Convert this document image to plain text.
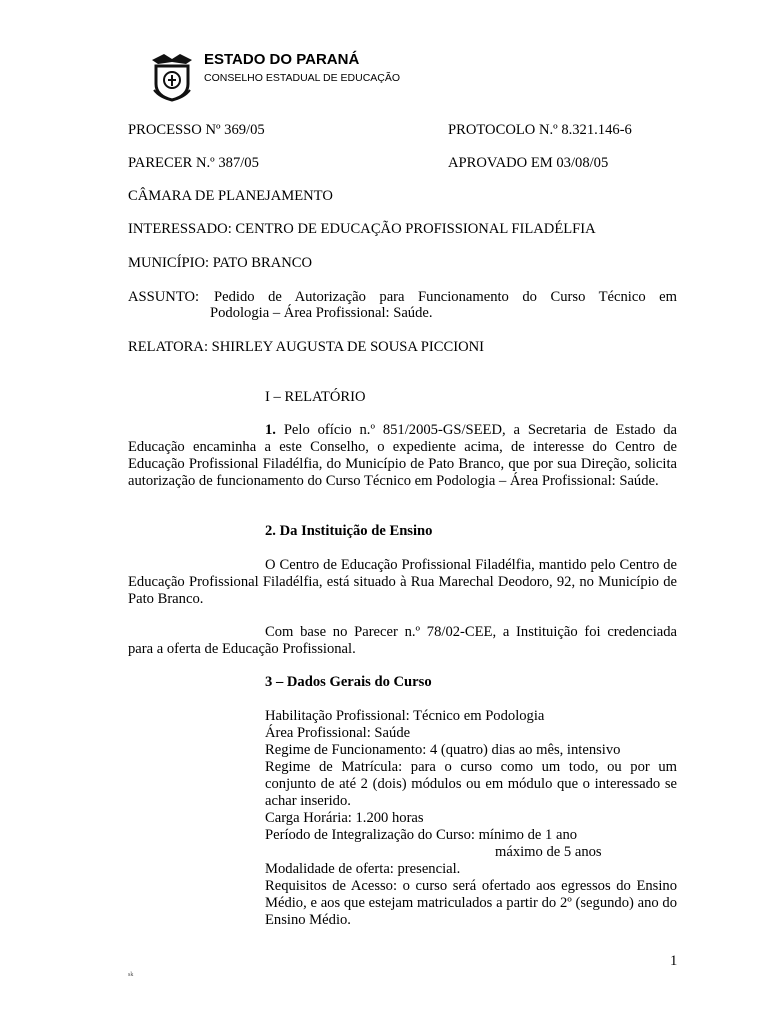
ESTADO DO PARANÁ
CONSELHO ESTADUAL DE EDUCAÇÃO
PROCESSO Nº 369/05	PROTOCOLO N.º 8.321.146-6
PARECER N.º 387/05	APROVADO EM 03/08/05
CÂMARA DE PLANEJAMENTO
INTERESSADO: CENTRO DE EDUCAÇÃO PROFISSIONAL FILADÉLFIA
MUNICÍPIO: PATO BRANCO
ASSUNTO: Pedido de Autorização para Funcionamento do Curso Técnico em
Podologia – Área Profissional: Saúde.
RELATORA: SHIRLEY AUGUSTA DE SOUSA PICCIONI
I – RELATÓRIO
1. Pelo ofício n.º 851/2005-GS/SEED, a Secretaria de Estado da Educação encaminha a este Conselho, o expediente acima, de interesse do Centro de Educação Profissional Filadélfia, do Município de Pato Branco, que por sua Direção, solicita autorização de funcionamento do Curso Técnico em Podologia – Área Profissional: Saúde.
2. Da Instituição de Ensino
O Centro de Educação Profissional Filadélfia, mantido pelo Centro de Educação Profissional Filadélfia, está situado à Rua Marechal Deodoro, 92, no Município de Pato Branco.
Com base no Parecer n.º 78/02-CEE, a Instituição foi credenciada para a oferta de Educação Profissional.
3 – Dados Gerais do Curso
Habilitação Profissional: Técnico em Podologia
Área Profissional: Saúde
Regime de Funcionamento: 4 (quatro) dias ao mês, intensivo
Regime de Matrícula: para o curso como um todo, ou por um conjunto de até 2 (dois) módulos ou em módulo que o interessado se achar inserido.
Carga Horária: 1.200 horas
Período de Integralização do Curso: mínimo de 1 ano
máximo de 5 anos
Modalidade de oferta: presencial.
Requisitos de Acesso: o curso será ofertado aos egressos do Ensino Médio, e aos que estejam matriculados a partir do 2º (segundo) ano do Ensino Médio.
1
sk
